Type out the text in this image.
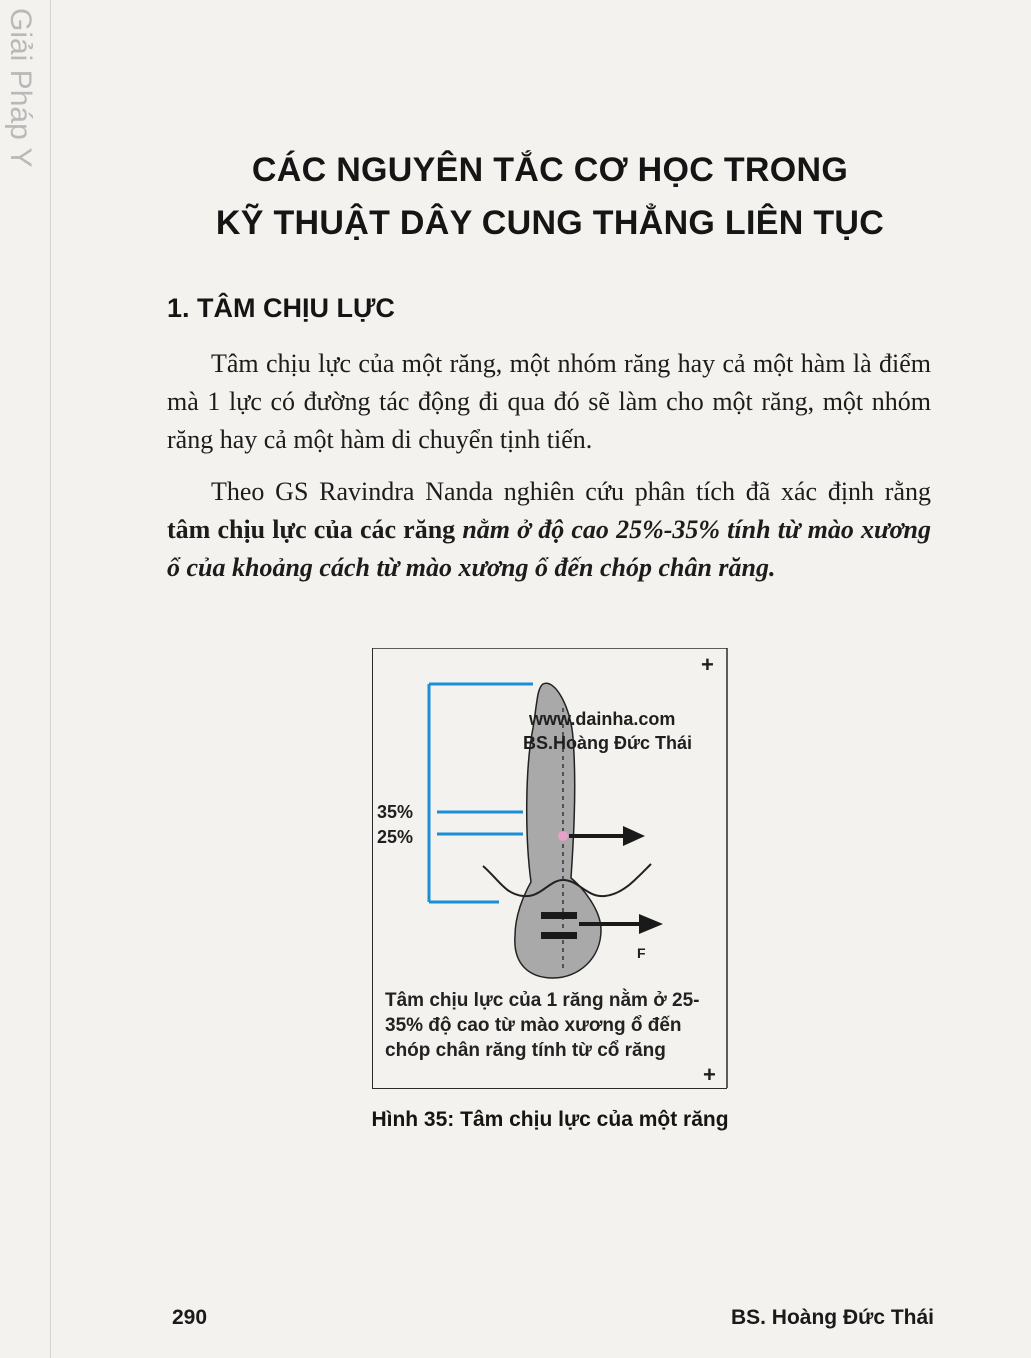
Giải Pháp Y	CÁC NGUYÊN TẮC CƠ HỌC TRONG
KỸ THUẬT DÂY CUNG THẲNG LIÊN TỤC
1. TÂM CHỊU LỰC
Tâm chịu lực của một răng, một nhóm răng hay cả một hàm là điểm mà 1 lực có đường tác động đi qua đó sẽ làm cho một răng, một nhóm răng hay cả một hàm di chuyển tịnh tiến.
Theo GS Ravindra Nanda nghiên cứu phân tích đã xác định rằng tâm chịu lực của các răng nằm ở độ cao 25%-35% tính từ mào xương ổ của khoảng cách từ mào xương ổ đến chóp chân răng.
www.dainha.com
BS.Hoàng Đức Thái
35%
25%
F
+
+
Tâm chịu lực của 1 răng nằm ở 25-35% độ cao từ mào xương ổ đến chóp chân răng tính từ cổ răng
Hình 35: Tâm chịu lực của một răng
290	BS. Hoàng Đức Thái
